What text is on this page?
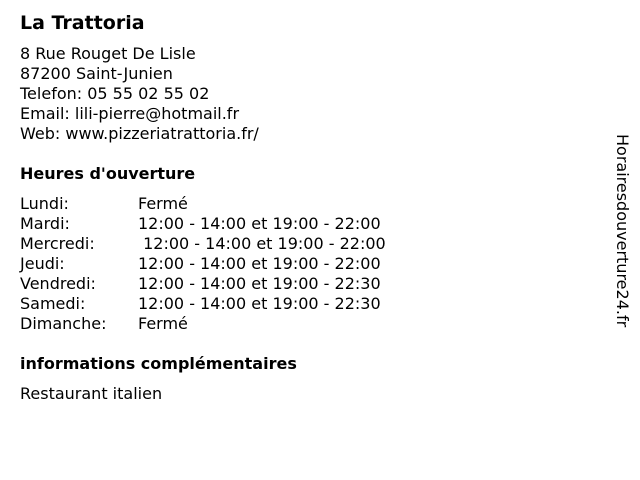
La Trattoria
8 Rue Rouget De Lisle
87200 Saint-Junien
Telefon: 05 55 02 55 02
Email: lili-pierre@hotmail.fr
Web: www.pizzeriatrattoria.fr/
Heures d'ouverture
Lundi:	Fermé
Mardi:	12:00 - 14:00 et 19:00 - 22:00
Mercredi:	12:00 - 14:00 et 19:00 - 22:00
Jeudi:	12:00 - 14:00 et 19:00 - 22:00
Vendredi:	12:00 - 14:00 et 19:00 - 22:30
Samedi:	12:00 - 14:00 et 19:00 - 22:30
Dimanche:	Fermé
informations complémentaires
Restaurant italien
Horairesdouverture24.fr
